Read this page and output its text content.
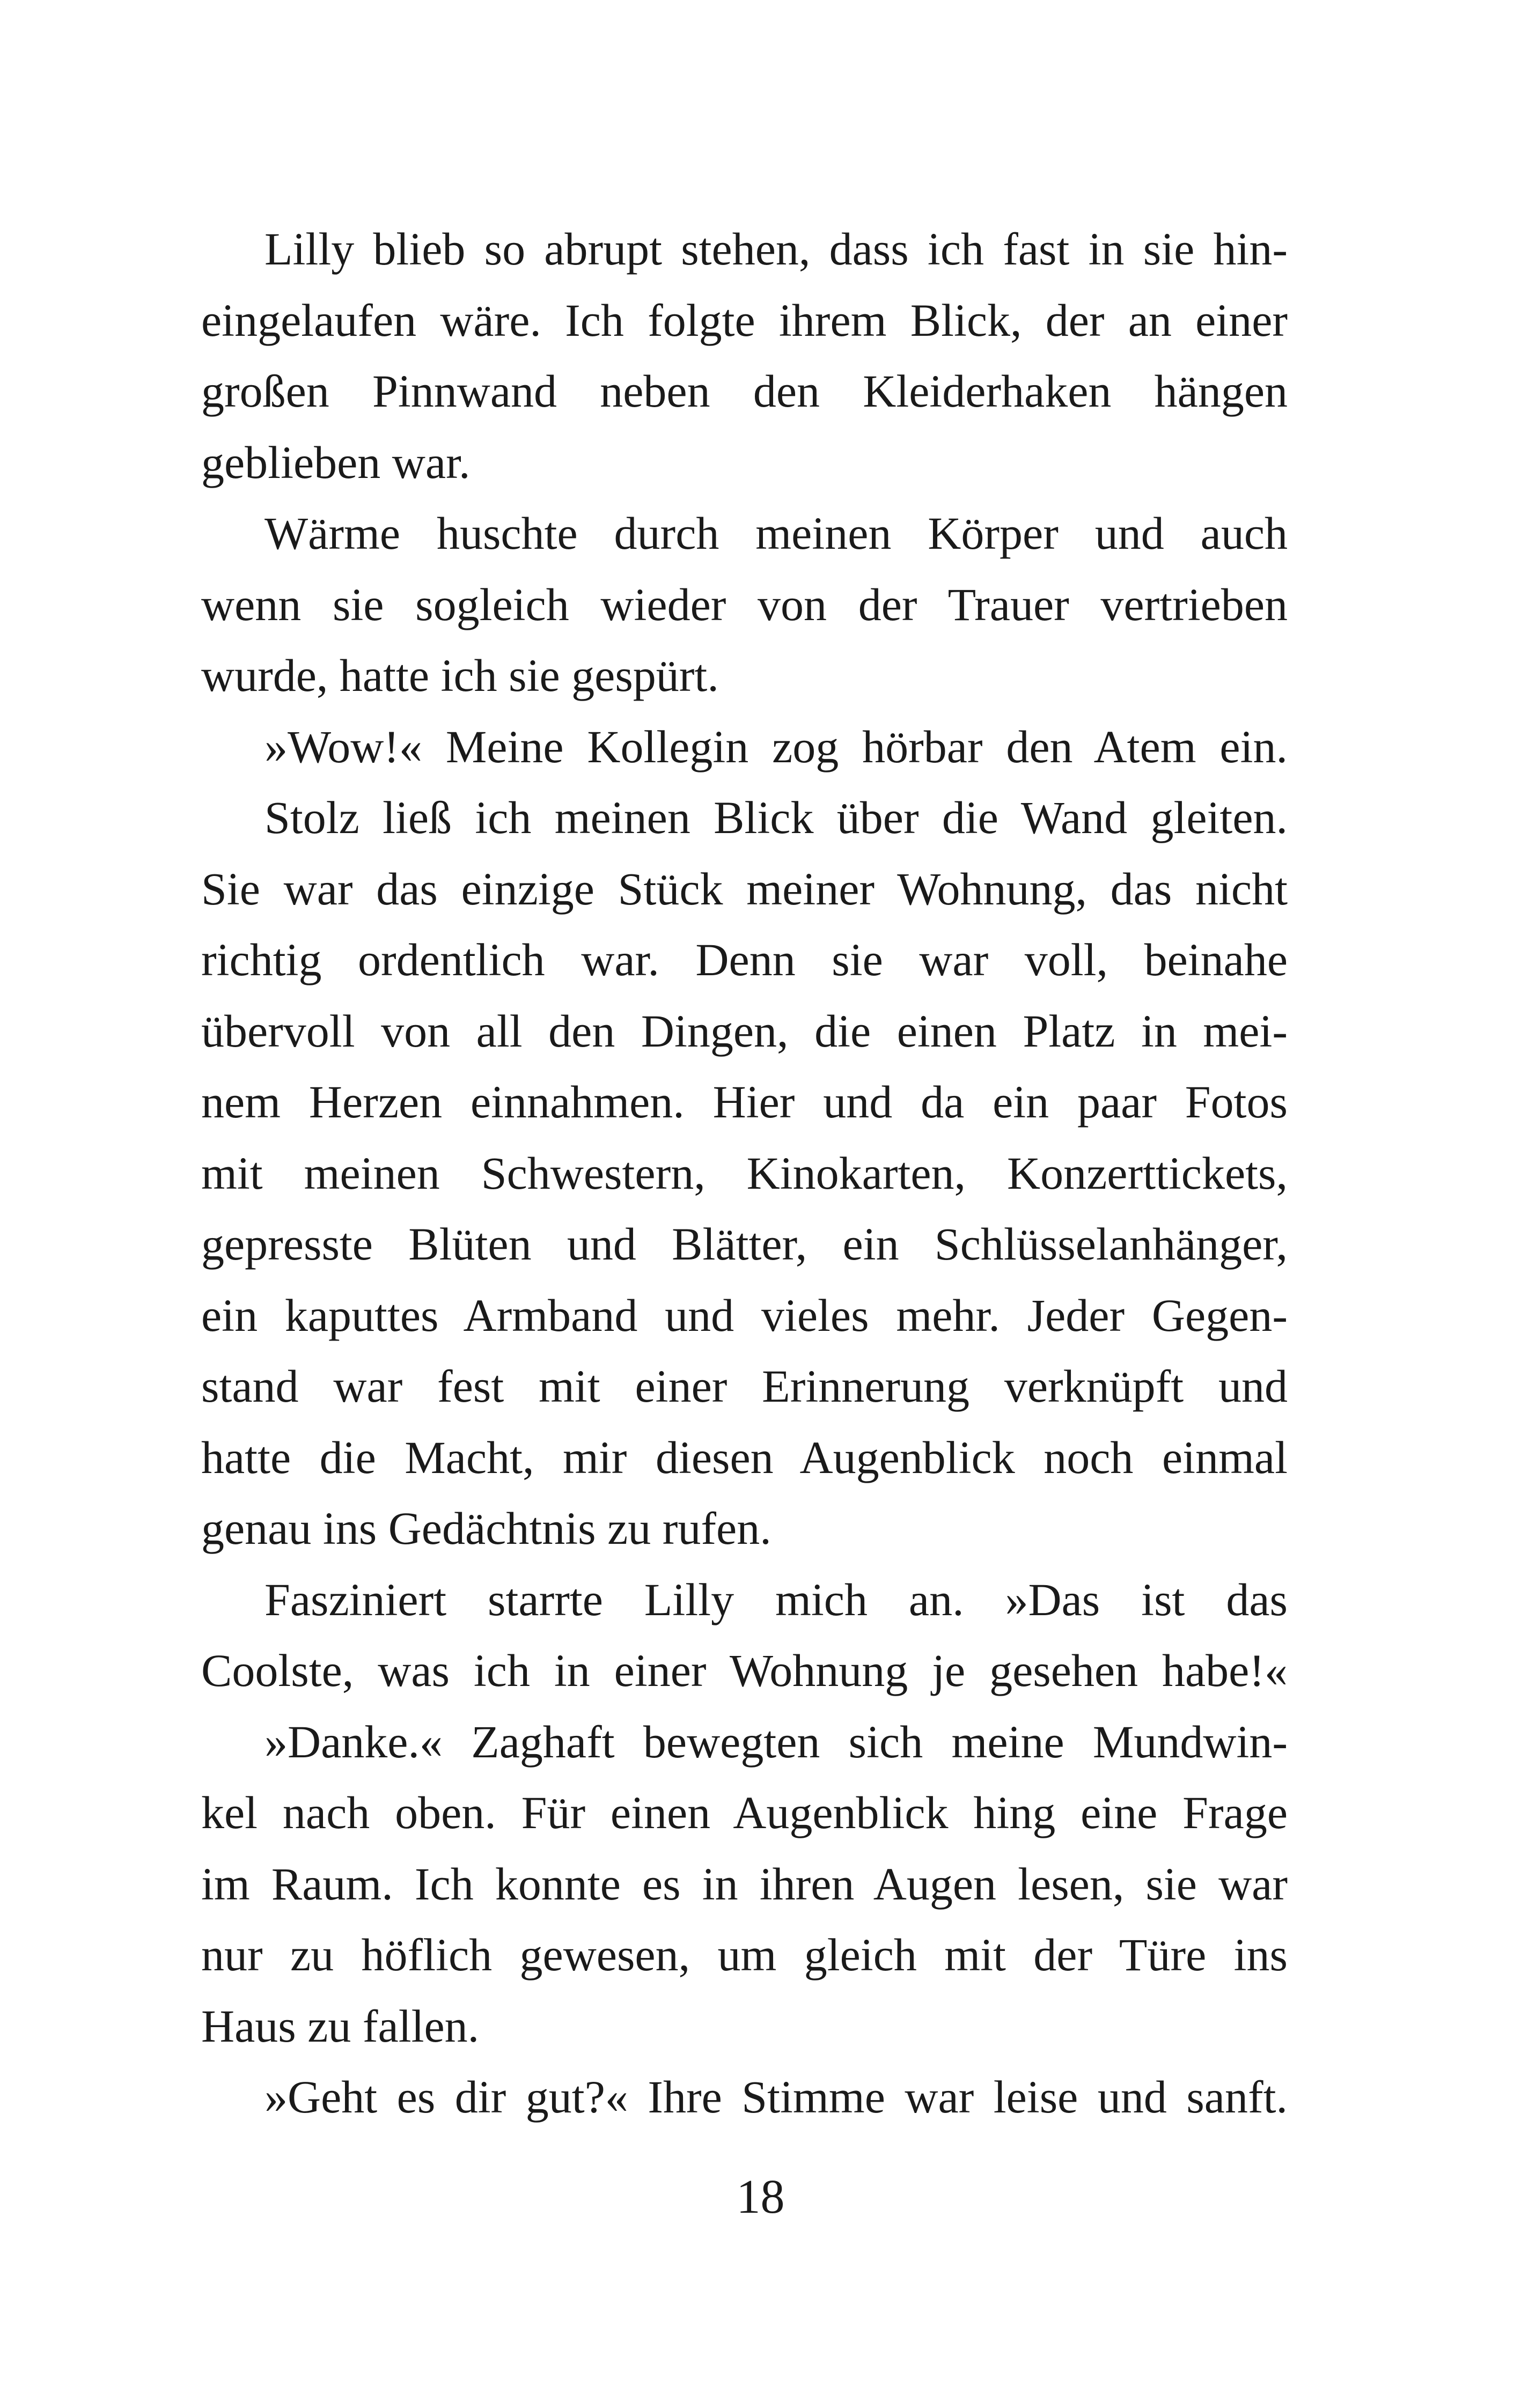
Lilly blieb so abrupt stehen, dass ich fast in sie hin-
eingelaufen wäre. Ich folgte ihrem Blick, der an einer
großen Pinnwand neben den Kleiderhaken hängen
geblieben war.
Wärme huschte durch meinen Körper und auch
wenn sie sogleich wieder von der Trauer vertrieben
wurde, hatte ich sie gespürt.
»Wow!« Meine Kollegin zog hörbar den Atem ein.
Stolz ließ ich meinen Blick über die Wand gleiten.
Sie war das einzige Stück meiner Wohnung, das nicht
richtig ordentlich war. Denn sie war voll, beinahe
übervoll von all den Dingen, die einen Platz in mei-
nem Herzen einnahmen. Hier und da ein paar Fotos
mit meinen Schwestern, Kinokarten, Konzerttickets,
gepresste Blüten und Blätter, ein Schlüsselanhänger,
ein kaputtes Armband und vieles mehr. Jeder Gegen-
stand war fest mit einer Erinnerung verknüpft und
hatte die Macht, mir diesen Augenblick noch einmal
genau ins Gedächtnis zu rufen.
Fasziniert starrte Lilly mich an. »Das ist das
Coolste, was ich in einer Wohnung je gesehen habe!«
»Danke.« Zaghaft bewegten sich meine Mundwin-
kel nach oben. Für einen Augenblick hing eine Frage
im Raum. Ich konnte es in ihren Augen lesen, sie war
nur zu höflich gewesen, um gleich mit der Türe ins
Haus zu fallen.
»Geht es dir gut?« Ihre Stimme war leise und sanft.
18
